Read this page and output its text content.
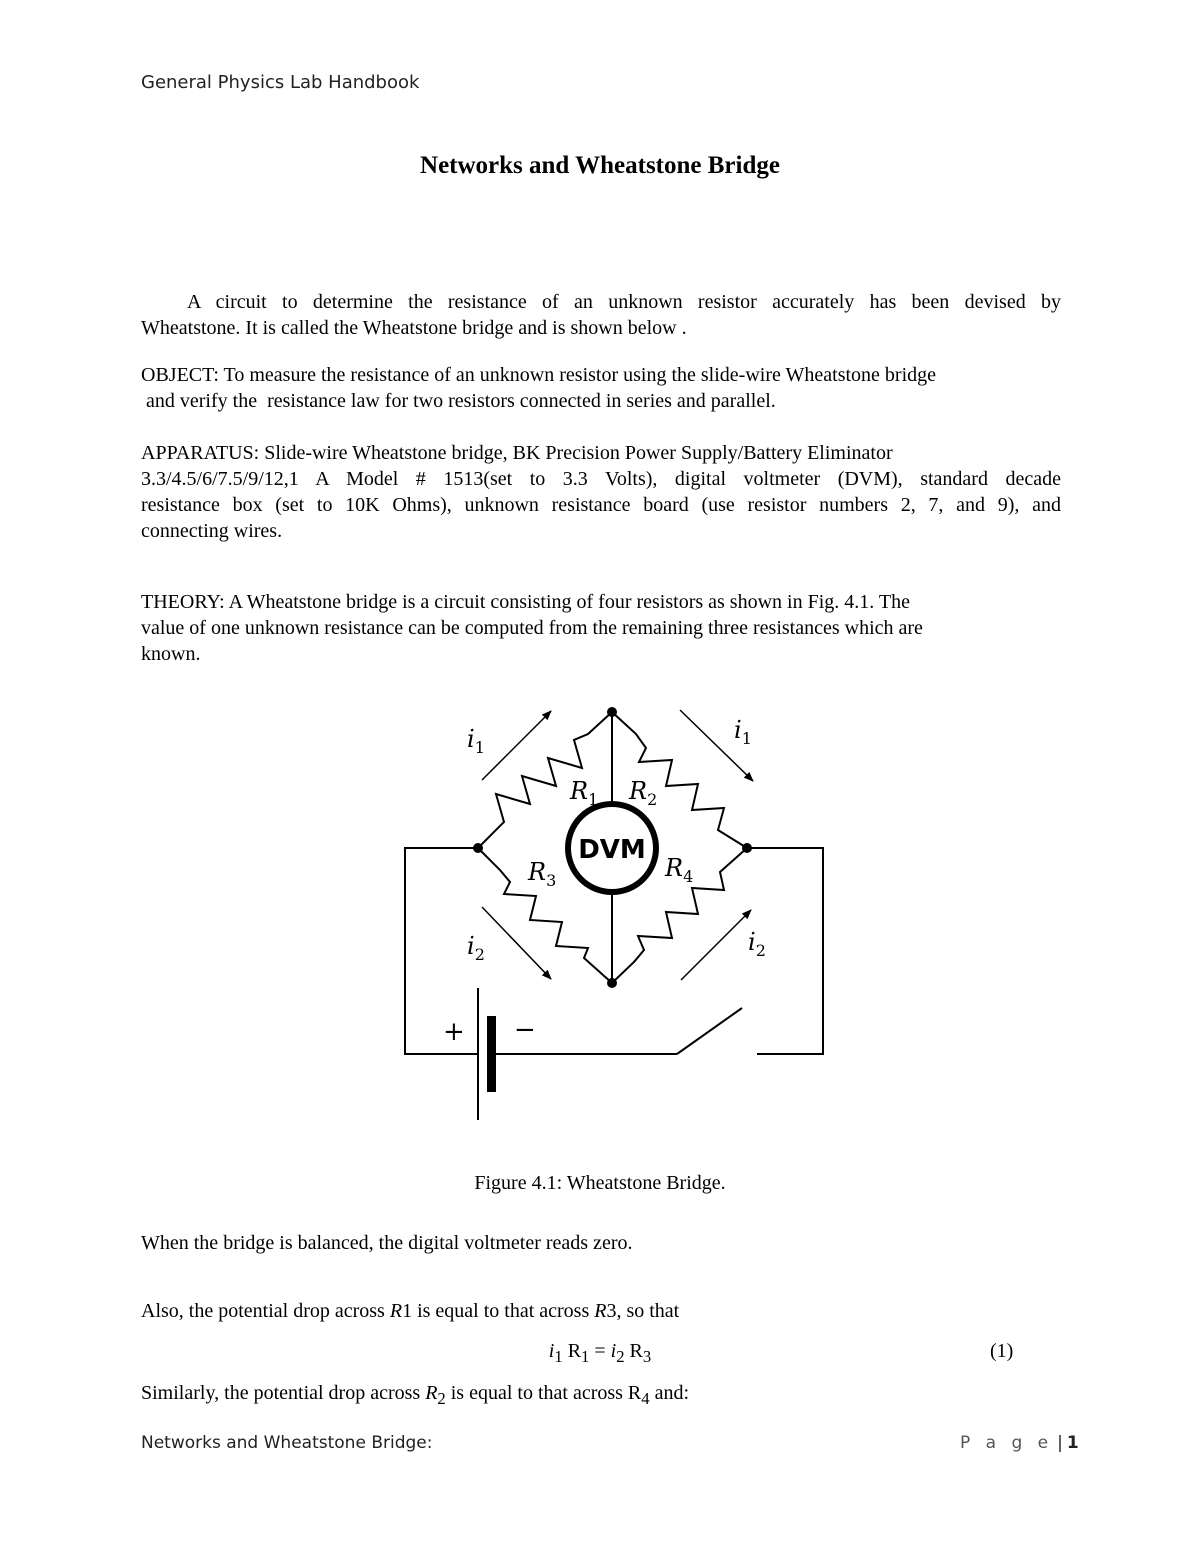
General Physics Lab Handbook
Networks and Wheatstone Bridge

A circuit to determine the resistance of an unknown resistor accurately has been devised by
Wheatstone. It is called the Wheatstone bridge and is shown below .

OBJECT: To measure the resistance of an unknown resistor using the slide-wire Wheatstone bridge
and verify the  resistance law for two resistors connected in series and parallel.

APPARATUS: Slide-wire Wheatstone bridge, BK Precision Power Supply/Battery Eliminator
3.3/4.5/6/7.5/9/12,1 A Model # 1513(set to 3.3 Volts), digital voltmeter (DVM), standard decade
resistance box (set to 10K Ohms), unknown resistance board (use resistor numbers 2, 7, and 9), and
connecting wires.

THEORY: A Wheatstone bridge is a circuit consisting of four resistors as shown in Fig. 4.1. The
value of one unknown resistance can be computed from the remaining three resistances which are
known.

DVM
$R_1$ $R_2$
$R_3$	$R_4$
$i_1$
$i_1$
$i_2$	$i_2$
+ −
Figure 4.1: Wheatstone Bridge.

When the bridge is balanced, the digital voltmeter reads zero.

Also, the potential drop across R1 is equal to that across R3, so that

$i_1$ $R_1 = i_2$ $R_3$	(1)

Similarly, the potential drop across $R_2$ is equal to that across $R_4$ and:

Networks and Wheatstone Bridge:	P a g e | 1
